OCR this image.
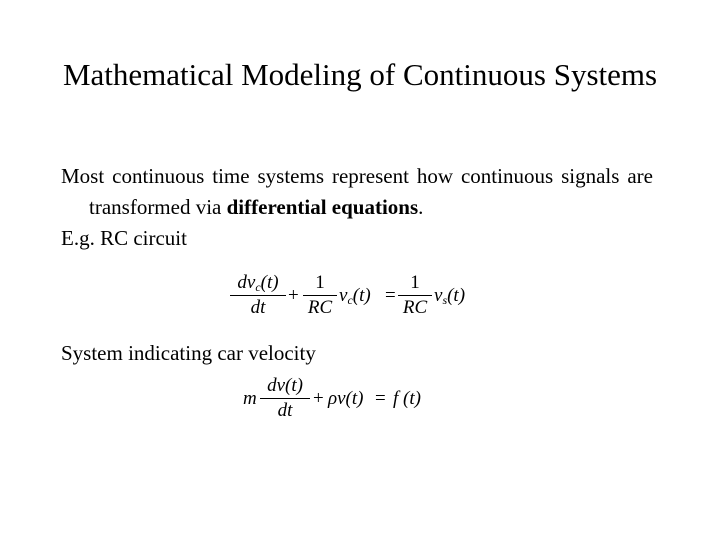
Mathematical Modeling of Continuous Systems
Most continuous time systems represent how continuous signals are transformed via differential equations.
E.g. RC circuit
$dv_c(t)$
dt
+
1
RC
$v_c(t)$ =
1
RC
$v_s(t)$
System indicating car velocity
m
dv(t)
dt
+ ρv(t) = f (t)
